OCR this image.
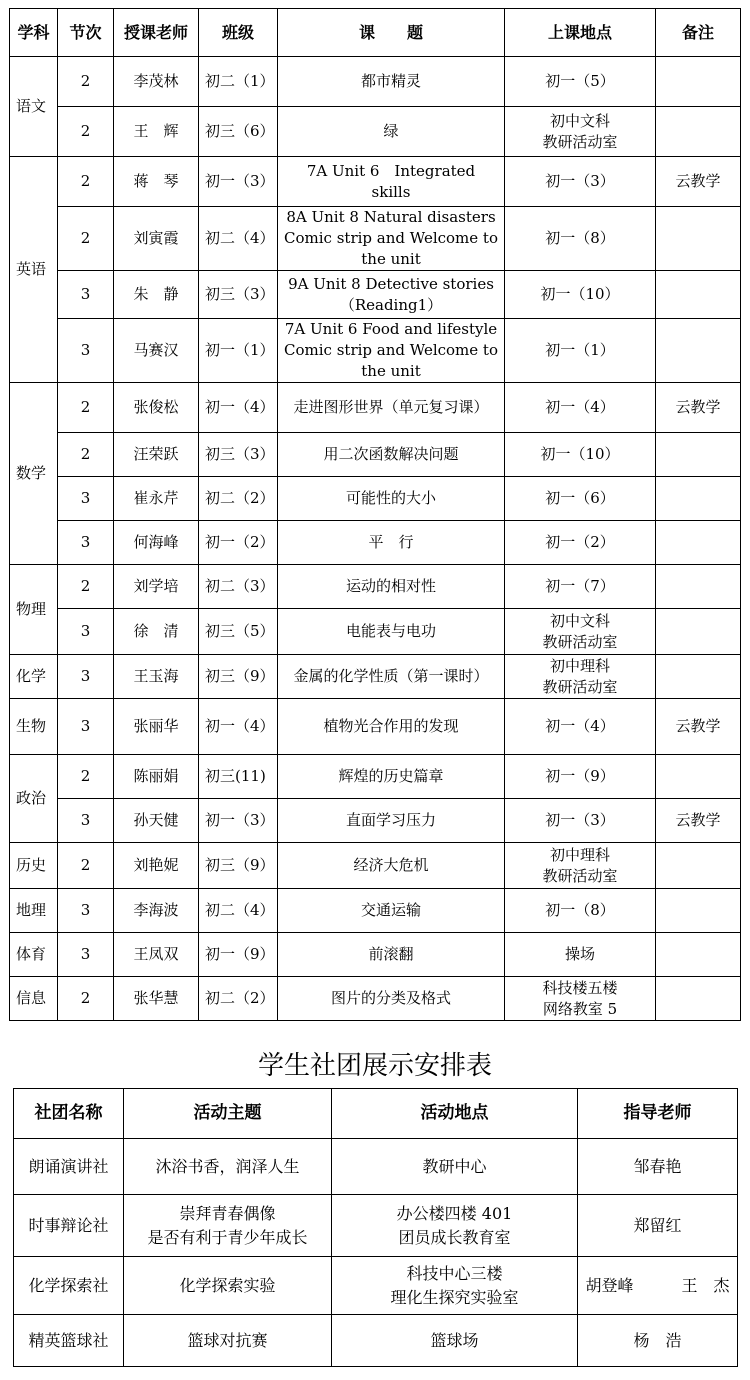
学科	节次	授课老师	班级	课　　题	上课地点	备注

语文	2	李茂林	初二（1）	都市精灵	初一（5）	

	2	王　辉	初三（6）	绿	初中文科
教研活动室	

英语	2	蒋　琴	初一（3）	7A Unit 6　Integrated　skills	初一（3）	云教学

	2	刘寅霞	初二（4）	8A Unit 8 Natural disasters
Comic strip and Welcome to the unit	初一（8）	

	3	朱　静	初三（3）	9A Unit 8 Detective stories
（Reading1）	初一（10）	

	3	马赛汉	初一（1）	7A Unit 6 Food and lifestyle
Comic strip and Welcome to the unit	初一（1）	

数学	2	张俊松	初一（4）	走进图形世界（单元复习课）	初一（4）	云教学

	2	汪荣跃	初三（3）	用二次函数解决问题	初一（10）	

	3	崔永芹	初二（2）	可能性的大小	初一（6）	

	3	何海峰	初一（2）	平　行	初一（2）	

物理	2	刘学培	初二（3）	运动的相对性	初一（7）	

	3	徐　清	初三（5）	电能表与电功	初中文科
教研活动室	

化学	3	王玉海	初三（9）	金属的化学性质（第一课时）	初中理科
教研活动室	

生物	3	张丽华	初一（4）	植物光合作用的发现	初一（4）	云教学

政治	2	陈丽娟	初三(11)	辉煌的历史篇章	初一（9）	

	3	孙天健	初一（3）	直面学习压力	初一（3）	云教学

历史	2	刘艳妮	初三（9）	经济大危机	初中理科
教研活动室	

地理	3	李海波	初二（4）	交通运输	初一（8）	

体育	3	王凤双	初一（9）	前滚翻	操场	

信息	2	张华慧	初二（2）	图片的分类及格式	科技楼五楼
网络教室 5	

学生社团展示安排表
社团名称	活动主题	活动地点	指导老师

朗诵演讲社	沐浴书香，润泽人生	教研中心	邹春艳

时事辩论社	崇拜青春偶像
是否有利于青少年成长	办公楼四楼 401
团员成长教育室	郑留红

化学探索社	化学探索实验	科技中心三楼
理化生探究实验室	胡登峰　　　王　杰

精英篮球社	篮球对抗赛	篮球场	杨　浩
